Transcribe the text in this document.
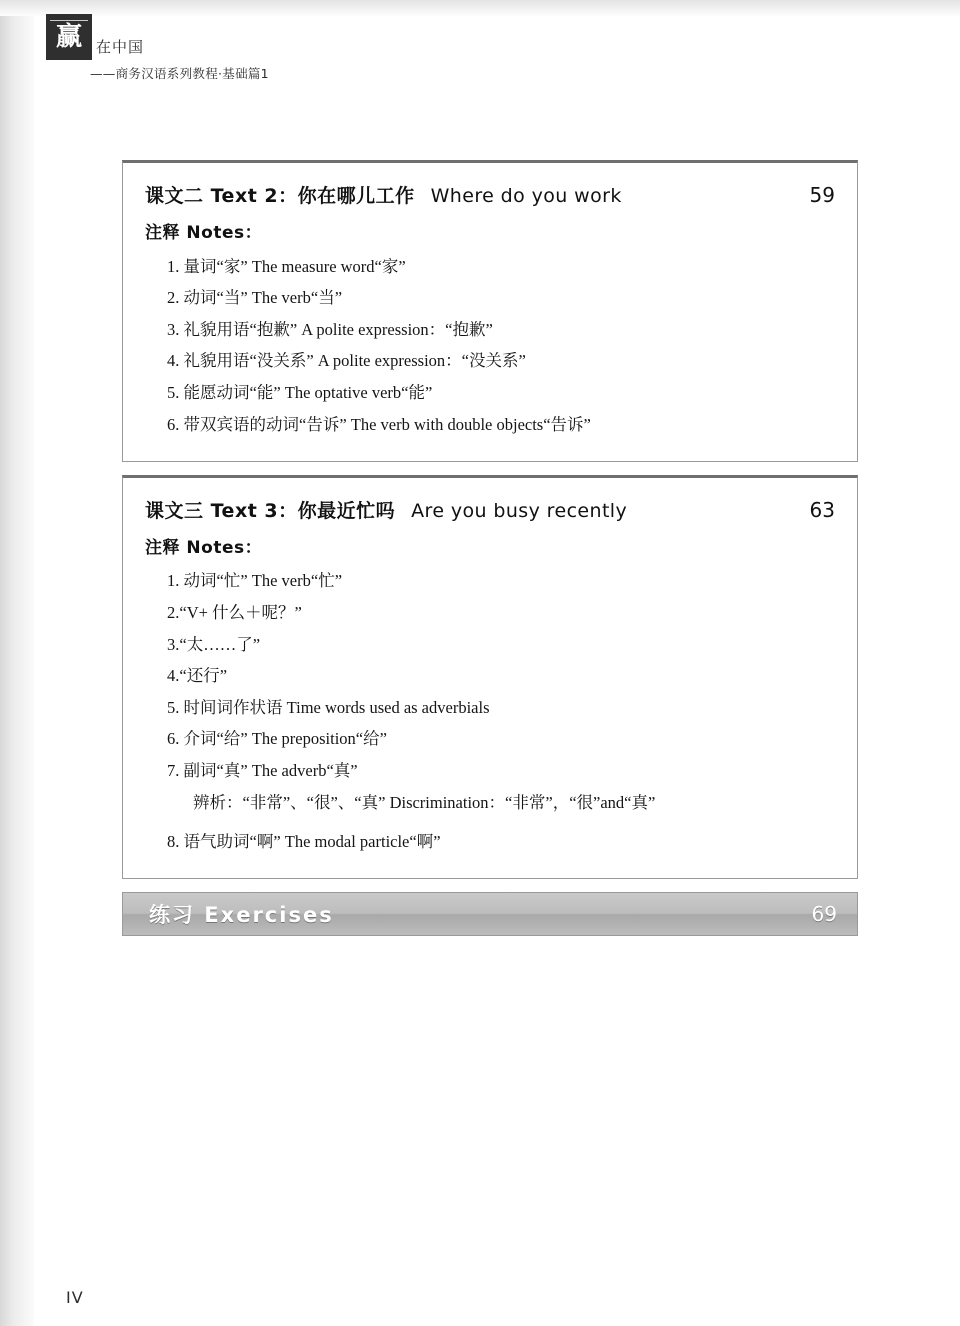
赢 在中国
——商务汉语系列教程·基础篇1
课文二 Text 2：你在哪儿工作 Where do you work	59
注释 Notes：
1. 量词“家” The measure word“家”
2. 动词“当” The verb“当”
3. 礼貌用语“抱歉” A polite expression：“抱歉”
4. 礼貌用语“没关系” A polite expression：“没关系”
5. 能愿动词“能” The optative verb“能”
6. 带双宾语的动词“告诉” The verb with double objects“告诉”
课文三 Text 3：你最近忙吗 Are you busy recently	63
注释 Notes：
1. 动词“忙” The verb“忙”
2.“V+ 什么＋呢？”
3.“太……了”
4.“还行”
5. 时间词作状语 Time words used as adverbials
6. 介词“给” The preposition“给”
7. 副词“真” The adverb“真”
辨析：“非常”、“很”、“真” Discrimination：“非常”，“很”and“真”
8. 语气助词“啊” The modal particle“啊”
练习 Exercises	69
IV
